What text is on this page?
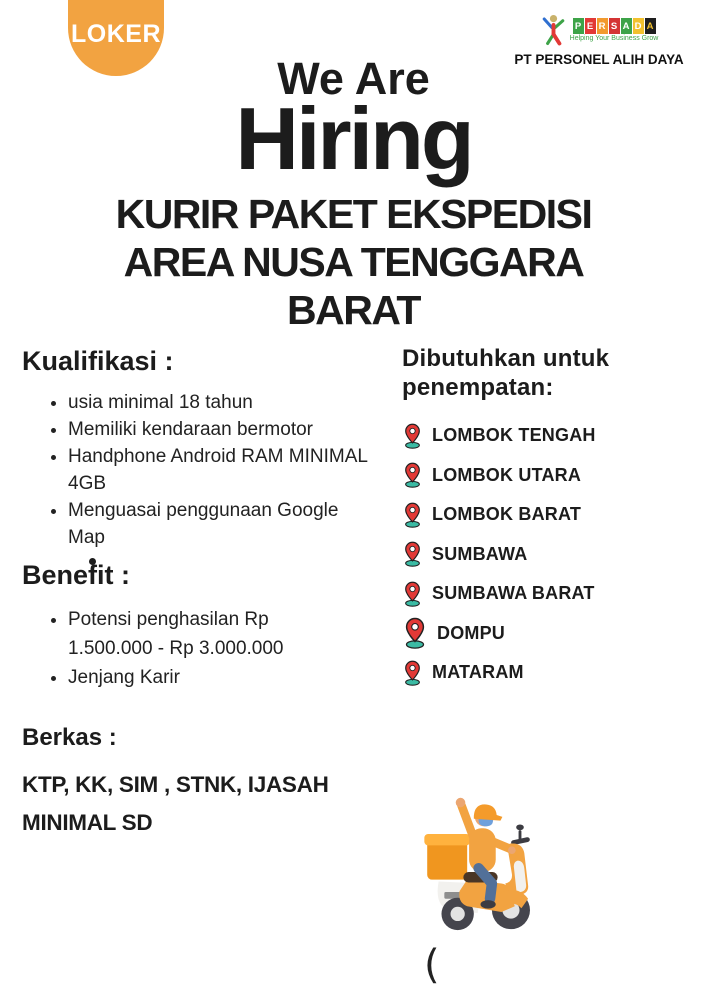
LOKER	P E R S A D A
Helping Your Business Grow
PT PERSONEL ALIH DAYA
We Are
Hiring
KURIR PAKET EKSPEDISI
AREA NUSA TENGGARA
BARAT
Kualifikasi :
• usia minimal 18 tahun
• Memiliki kendaraan bermotor
• Handphone Android RAM MINIMAL 4GB
• Menguasai penggunaan Google Map
Benefit :
• Potensi penghasilan Rp 1.500.000 - Rp 3.000.000
• Jenjang Karir
Berkas :
KTP, KK, SIM , STNK, IJASAH MINIMAL SD
Dibutuhkan untuk penempatan:
LOMBOK TENGAH
LOMBOK UTARA
LOMBOK BARAT
SUMBAWA
SUMBAWA BARAT
DOMPU
MATARAM
(
